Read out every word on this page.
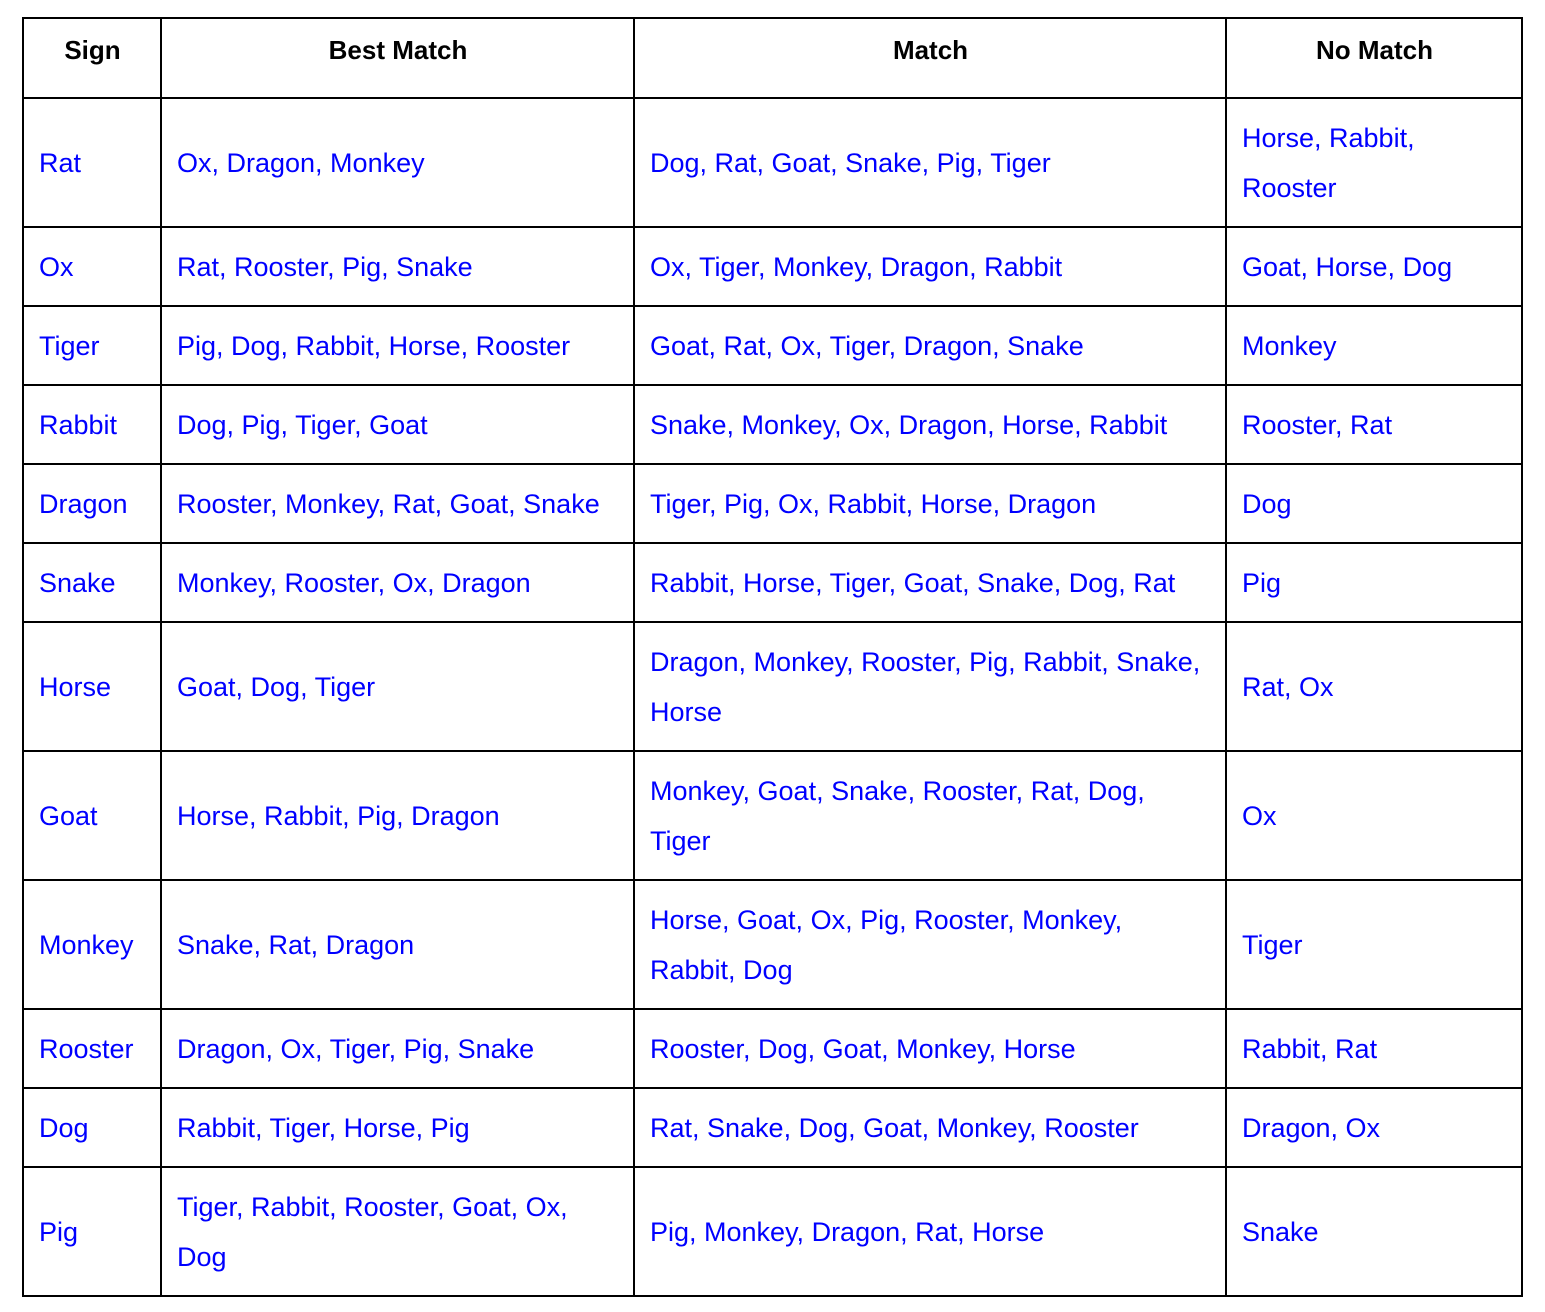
Sign	Best Match	Match	No Match
Rat	Ox, Dragon, Monkey	Dog, Rat, Goat, Snake, Pig, Tiger	Horse, Rabbit, Rooster
Ox	Rat, Rooster, Pig, Snake	Ox, Tiger, Monkey, Dragon, Rabbit	Goat, Horse, Dog
Tiger	Pig, Dog, Rabbit, Horse, Rooster	Goat, Rat, Ox, Tiger, Dragon, Snake	Monkey
Rabbit	Dog, Pig, Tiger, Goat	Snake, Monkey, Ox, Dragon, Horse, Rabbit	Rooster, Rat
Dragon	Rooster, Monkey, Rat, Goat, Snake	Tiger, Pig, Ox, Rabbit, Horse, Dragon	Dog
Snake	Monkey, Rooster, Ox, Dragon	Rabbit, Horse, Tiger, Goat, Snake, Dog, Rat	Pig
Horse	Goat, Dog, Tiger	Dragon, Monkey, Rooster, Pig, Rabbit, Snake, Horse	Rat, Ox
Goat	Horse, Rabbit, Pig, Dragon	Monkey, Goat, Snake, Rooster, Rat, Dog, Tiger	Ox
Monkey	Snake, Rat, Dragon	Horse, Goat, Ox, Pig, Rooster, Monkey, Rabbit, Dog	Tiger
Rooster	Dragon, Ox, Tiger, Pig, Snake	Rooster, Dog, Goat, Monkey, Horse	Rabbit, Rat
Dog	Rabbit, Tiger, Horse, Pig	Rat, Snake, Dog, Goat, Monkey, Rooster	Dragon, Ox
Pig	Tiger, Rabbit, Rooster, Goat, Ox, Dog	Pig, Monkey, Dragon, Rat, Horse	Snake
